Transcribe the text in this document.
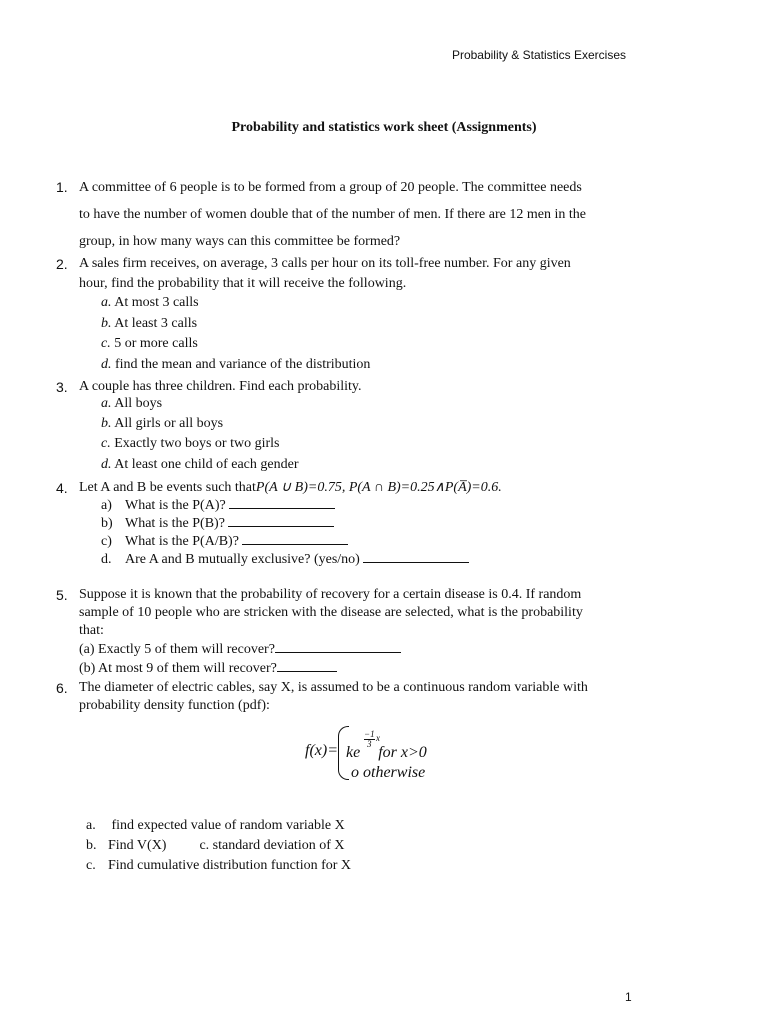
Probability & Statistics Exercises
Probability and statistics work sheet (Assignments)
1. A committee of 6 people is to be formed from a group of 20 people. The committee needs
to have the number of women double that of the number of men. If there are 12 men in the
group, in how many ways can this committee be formed?
2. A sales firm receives, on average, 3 calls per hour on its toll-free number. For any given
hour, find the probability that it will receive the following.
a. At most 3 calls
b. At least 3 calls
c. 5 or more calls
d. find the mean and variance of the distribution
3. A couple has three children. Find each probability.
a. All boys
b. All girls or all boys
c. Exactly two boys or two girls
d. At least one child of each gender
4. Let A and B be events such thatP(A ∪ B)=0.75, P(A ∩ B)=0.25∧P(A̅)=0.6.
a) What is the P(A)?
b) What is the P(B)?
c) What is the P(A/B)?
d. Are A and B mutually exclusive? (yes/no)
5. Suppose it is known that the probability of recovery for a certain disease is 0.4. If random
sample of 10 people who are stricken with the disease are selected, what is the probability
that:
(a) Exactly 5 of them will recover?
(b) At most 9 of them will recover?
6. The diameter of electric cables, say X, is assumed to be a continuous random variable with
probability density function (pdf):
f(x)=
$\frac{-1}{3}$ x
ke for x>0
o otherwise
a. find expected value of random variable X
b. Find V(X) c. standard deviation of X
c. Find cumulative distribution function for X
1
